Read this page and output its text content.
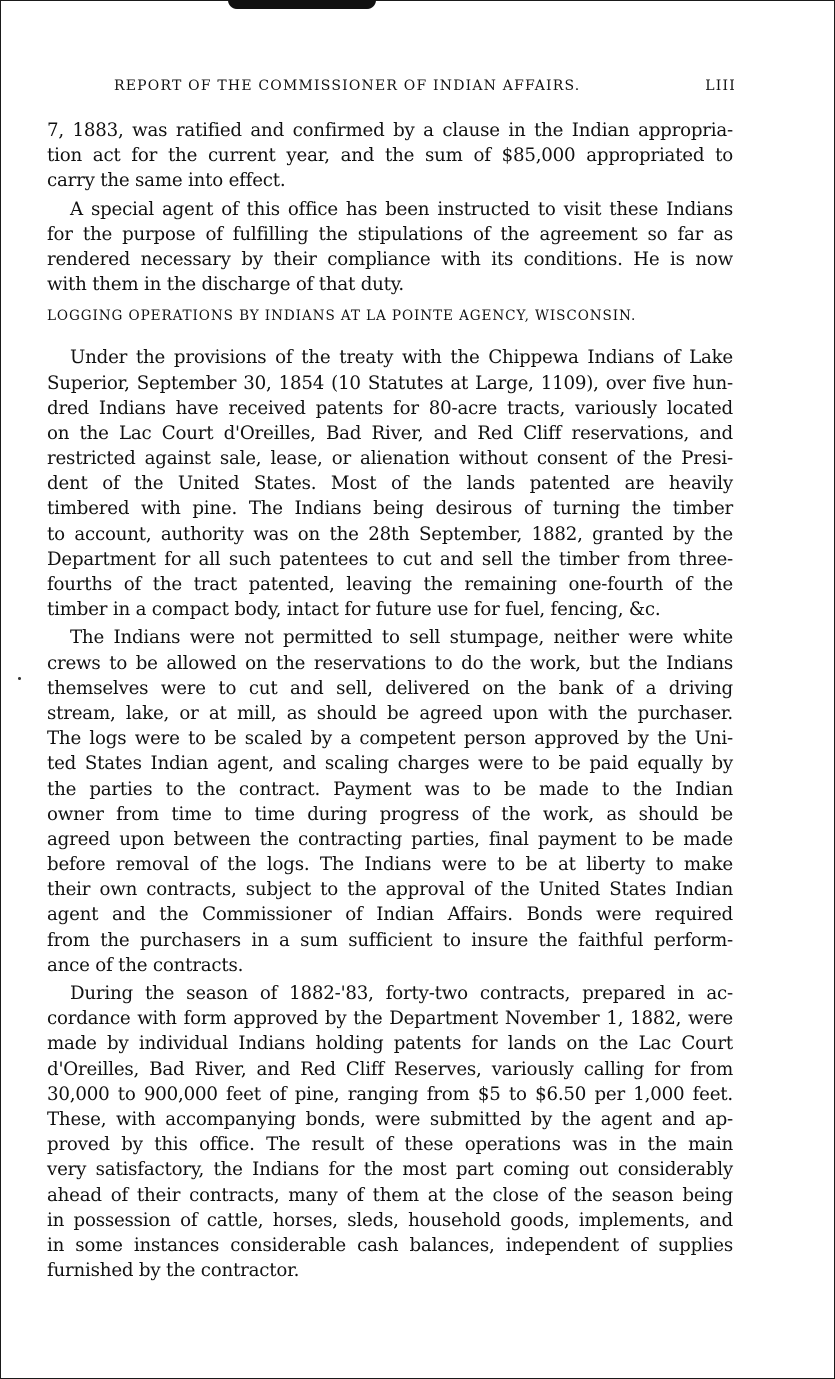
REPORT OF THE COMMISSIONER OF INDIAN AFFAIRS.	LIII
7, 1883, was ratified and confirmed by a clause in the Indian appropria-
tion act for the current year, and the sum of $85,000 appropriated to
carry the same into effect.
A special agent of this office has been instructed to visit these Indians
for the purpose of fulfilling the stipulations of the agreement so far as
rendered necessary by their compliance with its conditions. He is now
with them in the discharge of that duty.
LOGGING OPERATIONS BY INDIANS AT LA POINTE AGENCY, WISCONSIN.
Under the provisions of the treaty with the Chippewa Indians of Lake
Superior, September 30, 1854 (10 Statutes at Large, 1109), over five hun-
dred Indians have received patents for 80-acre tracts, variously located
on the Lac Court d'Oreilles, Bad River, and Red Cliff reservations, and
restricted against sale, lease, or alienation without consent of the Presi-
dent of the United States. Most of the lands patented are heavily
timbered with pine. The Indians being desirous of turning the timber
to account, authority was on the 28th September, 1882, granted by the
Department for all such patentees to cut and sell the timber from three-
fourths of the tract patented, leaving the remaining one-fourth of the
timber in a compact body, intact for future use for fuel, fencing, &c.
The Indians were not permitted to sell stumpage, neither were white
crews to be allowed on the reservations to do the work, but the Indians
themselves were to cut and sell, delivered on the bank of a driving
stream, lake, or at mill, as should be agreed upon with the purchaser.
The logs were to be scaled by a competent person approved by the Uni-
ted States Indian agent, and scaling charges were to be paid equally by
the parties to the contract. Payment was to be made to the Indian
owner from time to time during progress of the work, as should be
agreed upon between the contracting parties, final payment to be made
before removal of the logs. The Indians were to be at liberty to make
their own contracts, subject to the approval of the United States Indian
agent and the Commissioner of Indian Affairs. Bonds were required
from the purchasers in a sum sufficient to insure the faithful perform-
ance of the contracts.
During the season of 1882-'83, forty-two contracts, prepared in ac-
cordance with form approved by the Department November 1, 1882, were
made by individual Indians holding patents for lands on the Lac Court
d'Oreilles, Bad River, and Red Cliff Reserves, variously calling for from
30,000 to 900,000 feet of pine, ranging from $5 to $6.50 per 1,000 feet.
These, with accompanying bonds, were submitted by the agent and ap-
proved by this office. The result of these operations was in the main
very satisfactory, the Indians for the most part coming out considerably
ahead of their contracts, many of them at the close of the season being
in possession of cattle, horses, sleds, household goods, implements, and
in some instances considerable cash balances, independent of supplies
furnished by the contractor.
